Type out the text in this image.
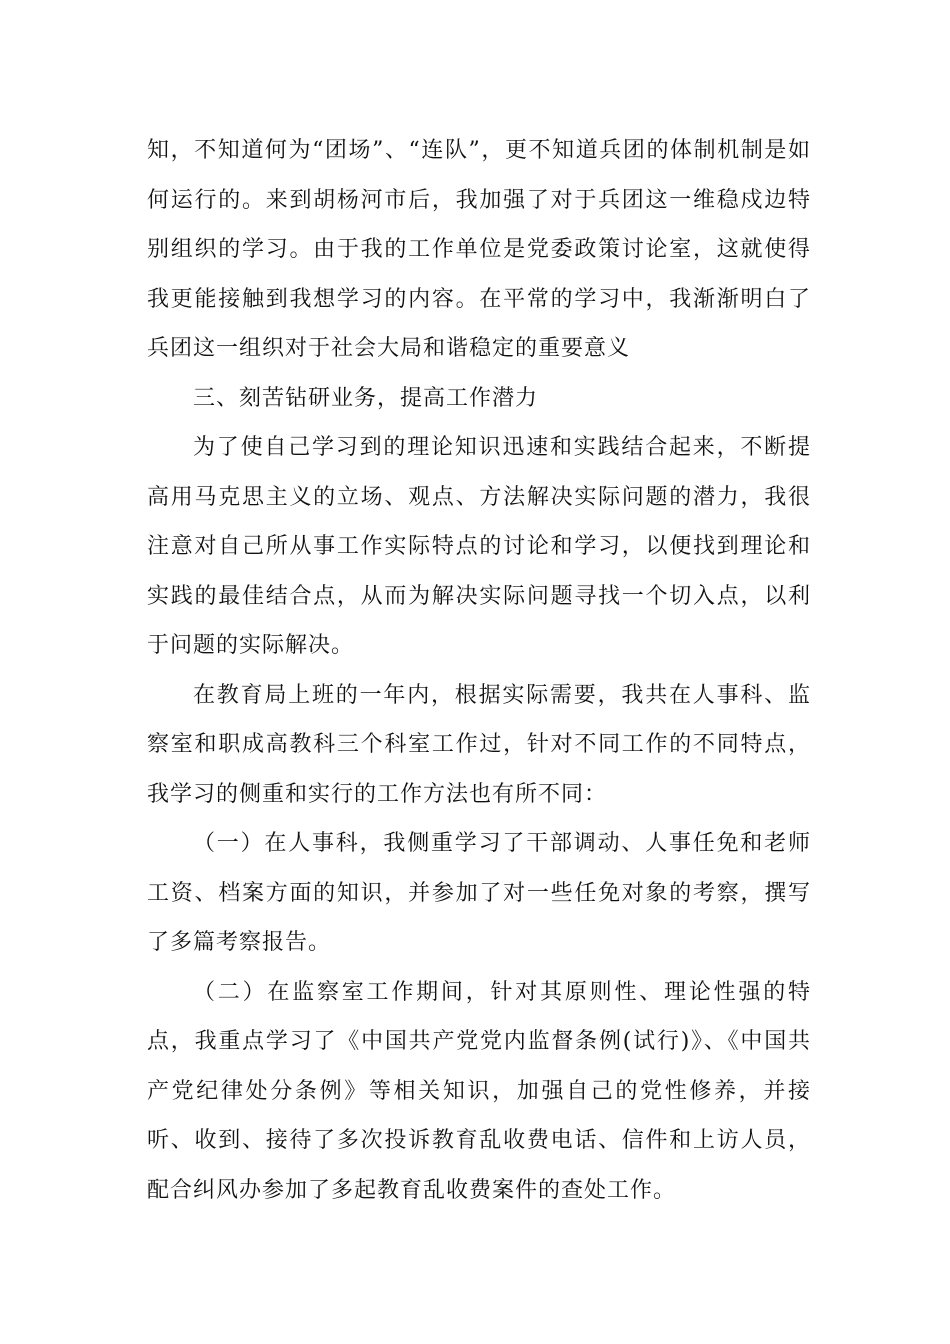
知，不知道何为“团场”、“连队”，更不知道兵团的体制机制是如何运行的。来到胡杨河市后，我加强了对于兵团这一维稳戍边特别组织的学习。由于我的工作单位是党委政策讨论室，这就使得我更能接触到我想学习的内容。在平常的学习中，我渐渐明白了兵团这一组织对于社会大局和谐稳定的重要意义

三、刻苦钻研业务，提高工作潜力

为了使自己学习到的理论知识迅速和实践结合起来，不断提高用马克思主义的立场、观点、方法解决实际问题的潜力，我很注意对自己所从事工作实际特点的讨论和学习，以便找到理论和实践的最佳结合点，从而为解决实际问题寻找一个切入点，以利于问题的实际解决。

在教育局上班的一年内，根据实际需要，我共在人事科、监察室和职成高教科三个科室工作过，针对不同工作的不同特点，我学习的侧重和实行的工作方法也有所不同：

（一）在人事科，我侧重学习了干部调动、人事任免和老师工资、档案方面的知识，并参加了对一些任免对象的考察，撰写了多篇考察报告。

（二）在监察室工作期间，针对其原则性、理论性强的特点，我重点学习了《中国共产党党内监督条例(试行)》、《中国共产党纪律处分条例》等相关知识，加强自己的党性修养，并接听、收到、接待了多次投诉教育乱收费电话、信件和上访人员，配合纠风办参加了多起教育乱收费案件的查处工作。
